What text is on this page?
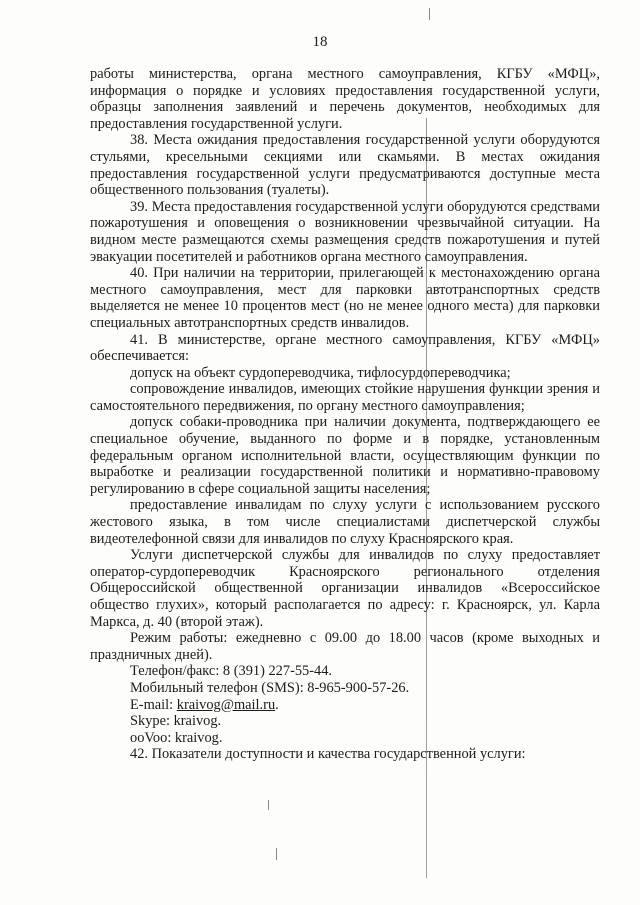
18

работы министерства, органа местного самоуправления, КГБУ «МФЦ», информация о порядке и условиях предоставления государственной услуги, образцы заполнения заявлений и перечень документов, необходимых для предоставления государственной услуги.

38. Места ожидания предоставления государственной услуги оборудуются стульями, кресельными секциями или скамьями. В местах ожидания предоставления государственной услуги предусматриваются доступные места общественного пользования (туалеты).

39. Места предоставления государственной услуги оборудуются средствами пожаротушения и оповещения о возникновении чрезвычайной ситуации. На видном месте размещаются схемы размещения средств пожаротушения и путей эвакуации посетителей и работников органа местного самоуправления.

40. При наличии на территории, прилегающей к местонахождению органа местного самоуправления, мест для парковки автотранспортных средств выделяется не менее 10 процентов мест (но не менее одного места) для парковки специальных автотранспортных средств инвалидов.

41. В министерстве, органе местного самоуправления, КГБУ «МФЦ» обеспечивается:

допуск на объект сурдопереводчика, тифлосурдопереводчика;

сопровождение инвалидов, имеющих стойкие нарушения функции зрения и самостоятельного передвижения, по органу местного самоуправления;

допуск собаки-проводника при наличии документа, подтверждающего ее специальное обучение, выданного по форме и в порядке, установленным федеральным органом исполнительной власти, осуществляющим функции по выработке и реализации государственной политики и нормативно-правовому регулированию в сфере социальной защиты населения;

предоставление инвалидам по слуху услуги с использованием русского жестового языка, в том числе специалистами диспетчерской службы видеотелефонной связи для инвалидов по слуху Красноярского края.

Услуги диспетчерской службы для инвалидов по слуху предоставляет оператор-сурдопереводчик Красноярского регионального отделения Общероссийской общественной организации инвалидов «Всероссийское общество глухих», который располагается по адресу: г. Красноярск, ул. Карла Маркса, д. 40 (второй этаж).

Режим работы: ежедневно с 09.00 до 18.00 часов (кроме выходных и праздничных дней).

Телефон/факс: 8 (391) 227-55-44.

Мобильный телефон (SMS): 8-965-900-57-26.

E-mail: kraivog@mail.ru.

Skype: kraivog.

ooVoo: kraivog.

42. Показатели доступности и качества государственной услуги:
